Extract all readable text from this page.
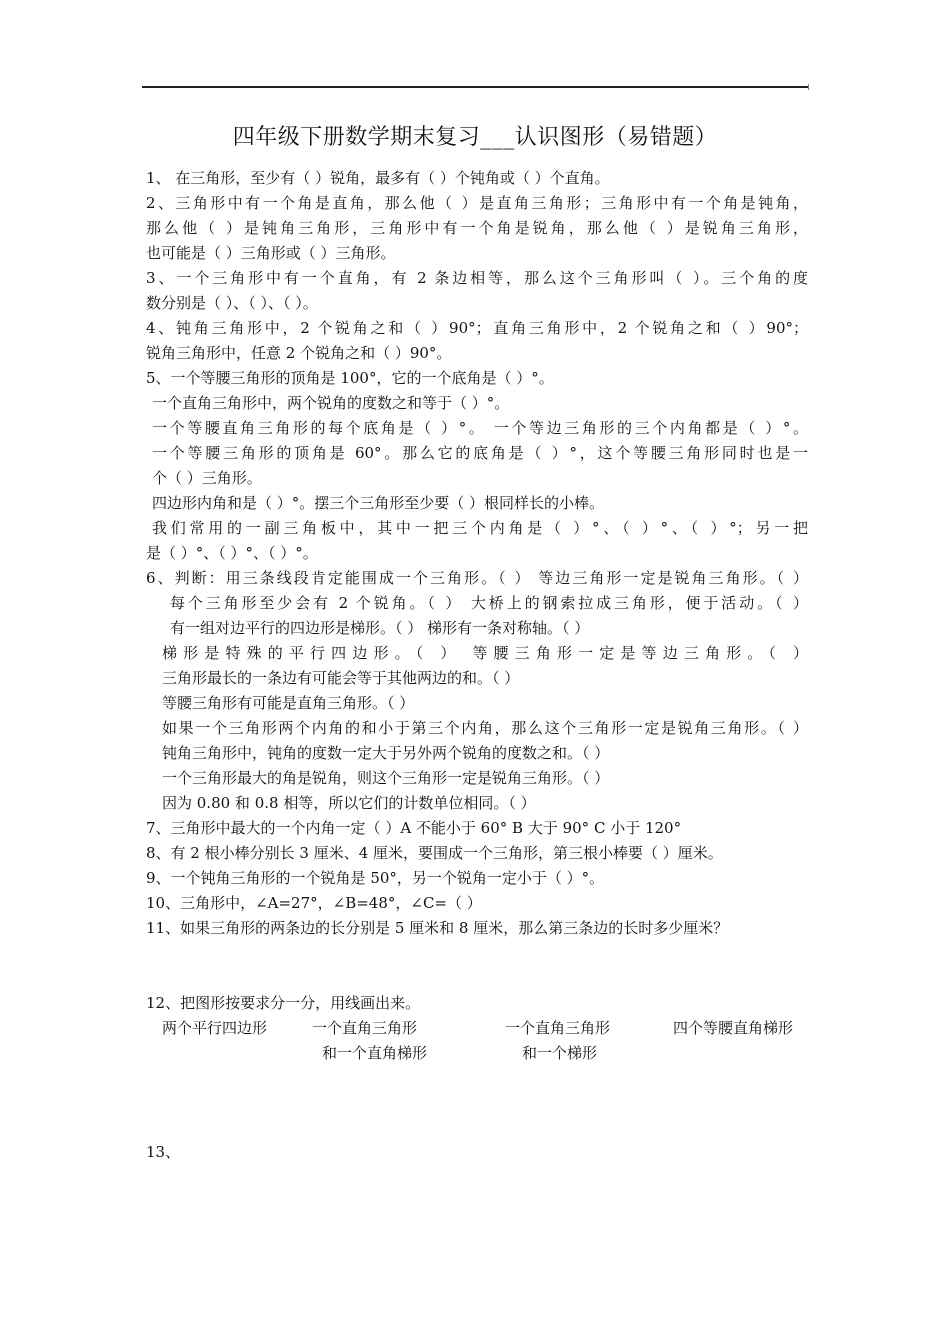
四年级下册数学期末复习___认识图形（易错题）
1、 在三角形，至少有（ ）锐角，最多有（ ）个钝角或（ ）个直角。
2、三角形中有一个角是直角，那么他（ ）是直角三角形；三角形中有一个角是钝角，
那么他（ ）是钝角三角形，三角形中有一个角是锐角，那么他（ ）是锐角三角形，
也可能是（ ）三角形或（ ）三角形。
3、一个三角形中有一个直角，有 2 条边相等，那么这个三角形叫（ ）。三个角的度
数分别是（ ）、（ ）、（ ）。
4、钝角三角形中，2 个锐角之和（ ）90°；直角三角形中，2 个锐角之和（ ）90°；
锐角三角形中，任意 2 个锐角之和（ ）90°。
5、一个等腰三角形的顶角是 100°，它的一个底角是（ ）°。
一个直角三角形中，两个锐角的度数之和等于（ ）°。
一个等腰直角三角形的每个底角是（ ）°。 一个等边三角形的三个内角都是（ ）°。
一个等腰三角形的顶角是 60°。那么它的底角是（ ）°，这个等腰三角形同时也是一
个（ ）三角形。
四边形内角和是（ ）°。摆三个三角形至少要（ ）根同样长的小棒。
我们常用的一副三角板中，其中一把三个内角是（ ）°、（ ）°、（ ）°；另一把
是（ ）°、（ ）°、（ ）°。
6、判断：用三条线段肯定能围成一个三角形。（ ） 等边三角形一定是锐角三角形。（ ）
每个三角形至少会有 2 个锐角。（ ） 大桥上的钢索拉成三角形，便于活动。（ ）
有一组对边平行的四边形是梯形。（ ） 梯形有一条对称轴。（ ）
梯形是特殊的平行四边形。（ ） 等腰三角形一定是等边三角形。（ ）
三角形最长的一条边有可能会等于其他两边的和。（ ）
等腰三角形有可能是直角三角形。（ ）
如果一个三角形两个内角的和小于第三个内角，那么这个三角形一定是锐角三角形。（ ）
钝角三角形中，钝角的度数一定大于另外两个锐角的度数之和。（ ）
一个三角形最大的角是锐角，则这个三角形一定是锐角三角形。（ ）
因为 0.80 和 0.8 相等，所以它们的计数单位相同。（ ）
7、三角形中最大的一个内角一定（ ）A 不能小于 60° B 大于 90° C 小于 120°
8、有 2 根小棒分别长 3 厘米、4 厘米，要围成一个三角形，第三根小棒要（ ）厘米。
9、一个钝角三角形的一个锐角是 50°，另一个锐角一定小于（ ）°。
10、三角形中，∠A=27°，∠B=48°，∠C=（ ）
11、如果三角形的两条边的长分别是 5 厘米和 8 厘米，那么第三条边的长时多少厘米？
12、把图形按要求分一分，用线画出来。
两个平行四边形	一个直角三角形
和一个直角梯形
一个直角三角形
和一个梯形
四个等腰直角梯形
13、
